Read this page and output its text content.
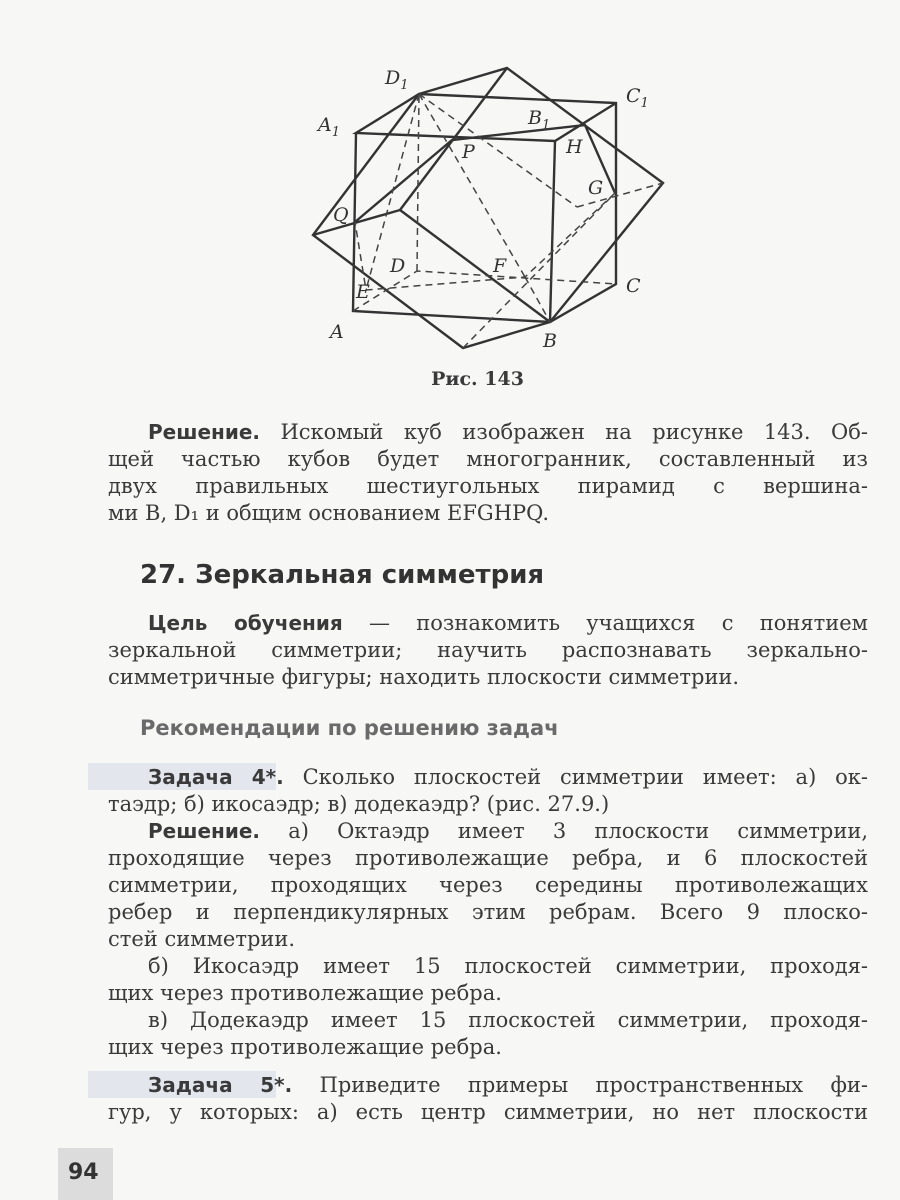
A	B
C
D
$A_1$
$B_1$
$C_1$
$D_1$
E
F
G
H
P
Q
Рис. 143
Решение. Искомый куб изображен на рисунке 143. Об-
щей частью кубов будет многогранник, составленный из
двух правильных шестиугольных пирамид с вершина-
ми B, D₁ и общим основанием EFGHPQ.
27. Зеркальная симметрия
Цель обучения — познакомить учащихся с понятием
зеркальной симметрии; научить распознавать зеркально-
симметричные фигуры; находить плоскости симметрии.
Рекомендации по решению задач
Задача 4*. Сколько плоскостей симметрии имеет: а) ок-
таэдр; б) икосаэдр; в) додекаэдр? (рис. 27.9.)
Решение. а) Октаэдр имеет 3 плоскости симметрии,
проходящие через противолежащие ребра, и 6 плоскостей
симметрии, проходящих через середины противолежащих
ребер и перпендикулярных этим ребрам. Всего 9 плоско-
стей симметрии.
б) Икосаэдр имеет 15 плоскостей симметрии, проходя-
щих через противолежащие ребра.
в) Додекаэдр имеет 15 плоскостей симметрии, проходя-
щих через противолежащие ребра.
Задача 5*. Приведите примеры пространственных фи-
гур, у которых: а) есть центр симметрии, но нет плоскости
94
